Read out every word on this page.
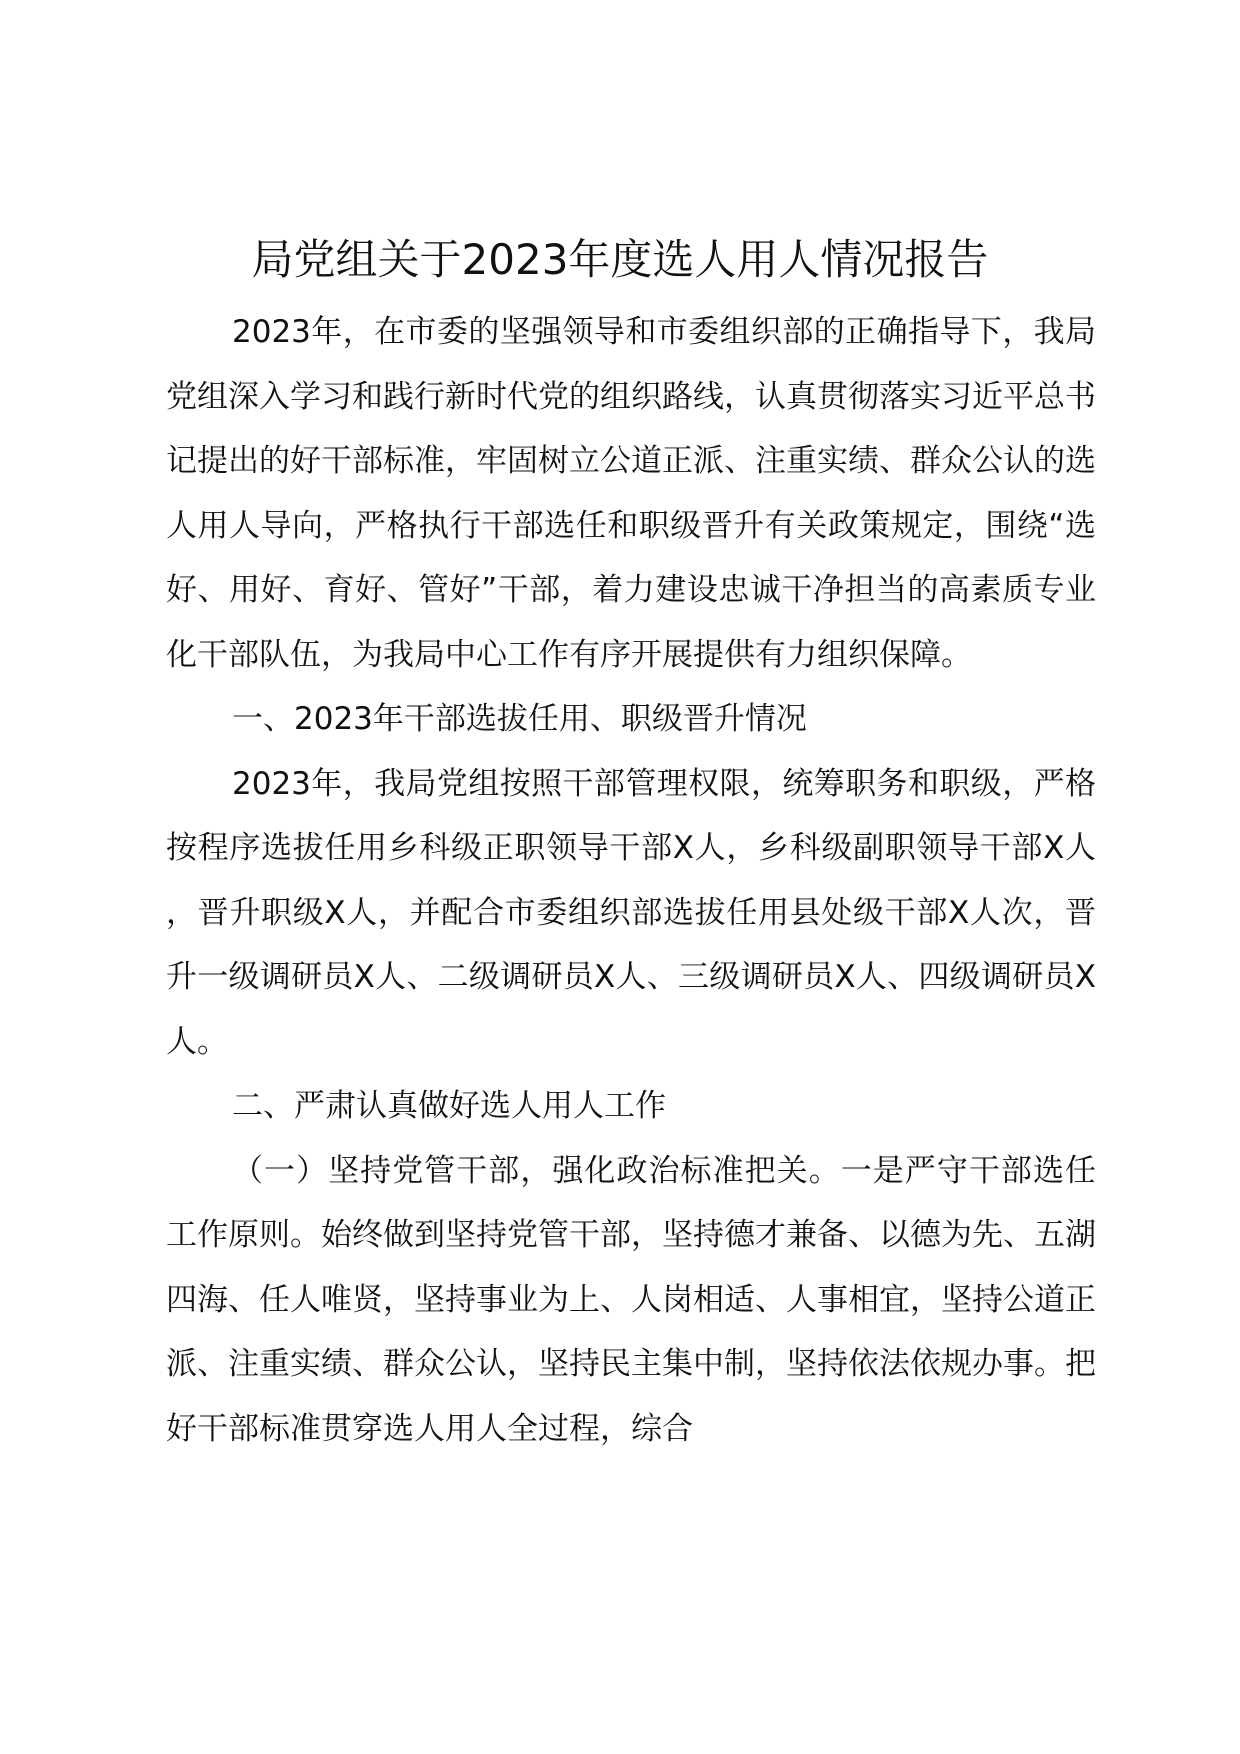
局党组关于2023年度选人用人情况报告

2023年，在市委的坚强领导和市委组织部的正确指导下，我局党组深入学习和践行新时代党的组织路线，认真贯彻落实习近平总书记提出的好干部标准，牢固树立公道正派、注重实绩、群众公认的选人用人导向，严格执行干部选任和职级晋升有关政策规定，围绕“选好、用好、育好、管好”干部，着力建设忠诚干净担当的高素质专业化干部队伍，为我局中心工作有序开展提供有力组织保障。

一、2023年干部选拔任用、职级晋升情况

2023年，我局党组按照干部管理权限，统筹职务和职级，严格按程序选拔任用乡科级正职领导干部X人，乡科级副职领导干部X人，晋升职级X人，并配合市委组织部选拔任用县处级干部X人次，晋升一级调研员X人、二级调研员X人、三级调研员X人、四级调研员X人。

二、严肃认真做好选人用人工作

（一）坚持党管干部，强化政治标准把关。一是严守干部选任工作原则。始终做到坚持党管干部，坚持德才兼备、以德为先、五湖四海、任人唯贤，坚持事业为上、人岗相适、人事相宜，坚持公道正派、注重实绩、群众公认，坚持民主集中制，坚持依法依规办事。把好干部标准贯穿选人用人全过程，综合
